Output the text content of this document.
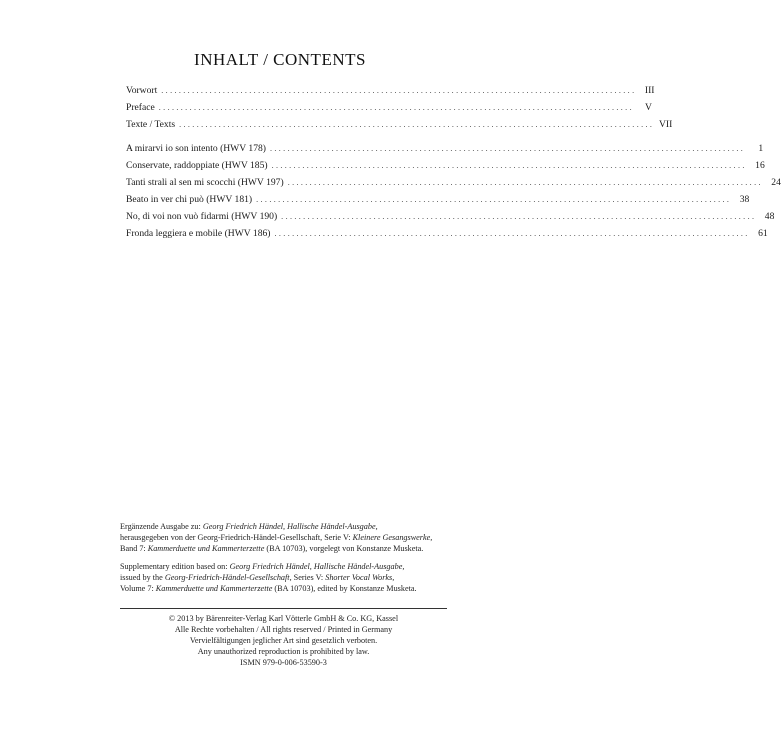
INHALT / CONTENTS
Vorwort ............................................................................................................ III
Preface ............................................................................................................	V
Texte / Texts ............................................................................................................ VII
A mirarvi io son intento (HWV 178) ............................................................................................................	1
Conservate, raddoppiate (HWV 185) ............................................................................................................ 16
Tanti strali al sen mi scocchi (HWV 197) ............................................................................................................ 24
Beato in ver chi può (HWV 181) ............................................................................................................ 38
No, di voi non vuò fidarmi (HWV 190) ............................................................................................................ 48
Fronda leggiera e mobile (HWV 186) ............................................................................................................ 61

Ergänzende Ausgabe zu: Georg Friedrich Händel, Hallische Händel-Ausgabe,

herausgegeben von der Georg-Friedrich-Händel-Gesellschaft, Serie V: Kleinere Gesangswerke,

Band 7: Kammerduette und Kammerterzette (BA 10703), vorgelegt von Konstanze Musketa.

Supplementary edition based on: Georg Friedrich Händel, Hallische Händel-Ausgabe,

issued by the Georg-Friedrich-Händel-Gesellschaft, Series V: Shorter Vocal Works,

Volume 7: Kammerduette und Kammerterzette (BA 10703), edited by Konstanze Musketa.

© 2013 by Bärenreiter-Verlag Karl Vötterle GmbH & Co. KG, Kassel
Alle Rechte vorbehalten / All rights reserved / Printed in Germany
Vervielfältigungen jeglicher Art sind gesetzlich verboten.
Any unauthorized reproduction is prohibited by law.
ISMN 979-0-006-53590-3
